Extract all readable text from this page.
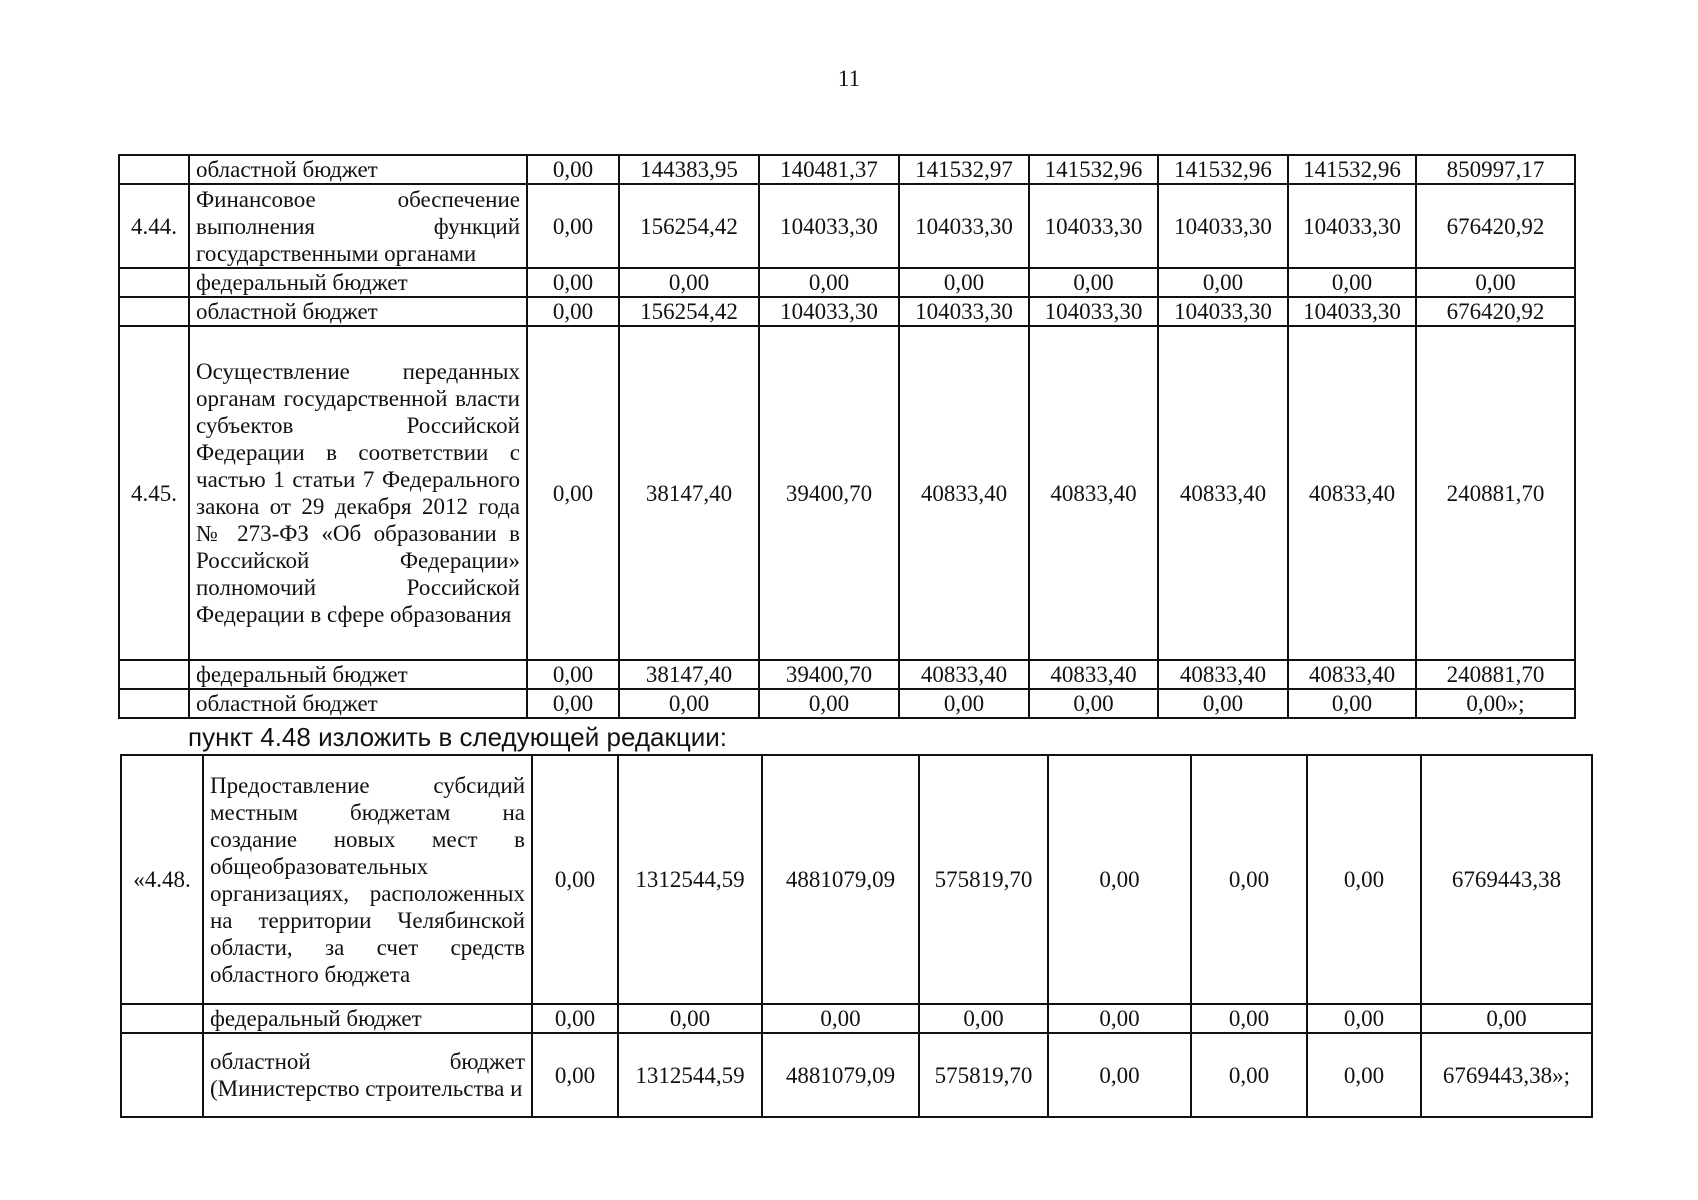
11
	областной бюджет	0,00	144383,95	140481,37	141532,97	141532,96	141532,96	141532,96	850997,17
4.44.	Финансовое обеспечение выполнения функций государственными органами	0,00	156254,42	104033,30	104033,30	104033,30	104033,30	104033,30	676420,92
	федеральный бюджет	0,00	0,00	0,00	0,00	0,00	0,00	0,00	0,00
	областной бюджет	0,00	156254,42	104033,30	104033,30	104033,30	104033,30	104033,30	676420,92
4.45.	Осуществление переданных органам государственной власти субъектов Российской Федерации в соответствии с частью 1 статьи 7 Федерального закона от 29 декабря 2012 года № 273-ФЗ «Об образовании в Российской Федерации» полномочий Российской Федерации в сфере образования	0,00	38147,40	39400,70	40833,40	40833,40	40833,40	40833,40	240881,70
	федеральный бюджет	0,00	38147,40	39400,70	40833,40	40833,40	40833,40	40833,40	240881,70
	областной бюджет	0,00	0,00	0,00	0,00	0,00	0,00	0,00	0,00»;
пункт 4.48 изложить в следующей редакции:
«4.48.	Предоставление субсидий местным бюджетам на создание новых мест в общеобразовательных организациях, расположенных на территории Челябинской области, за счет средств областного бюджета	0,00	1312544,59	4881079,09	575819,70	0,00	0,00	0,00	6769443,38
	федеральный бюджет	0,00	0,00	0,00	0,00	0,00	0,00	0,00	0,00
	областной бюджет (Министерство строительства и	0,00	1312544,59	4881079,09	575819,70	0,00	0,00	0,00	6769443,38»;
